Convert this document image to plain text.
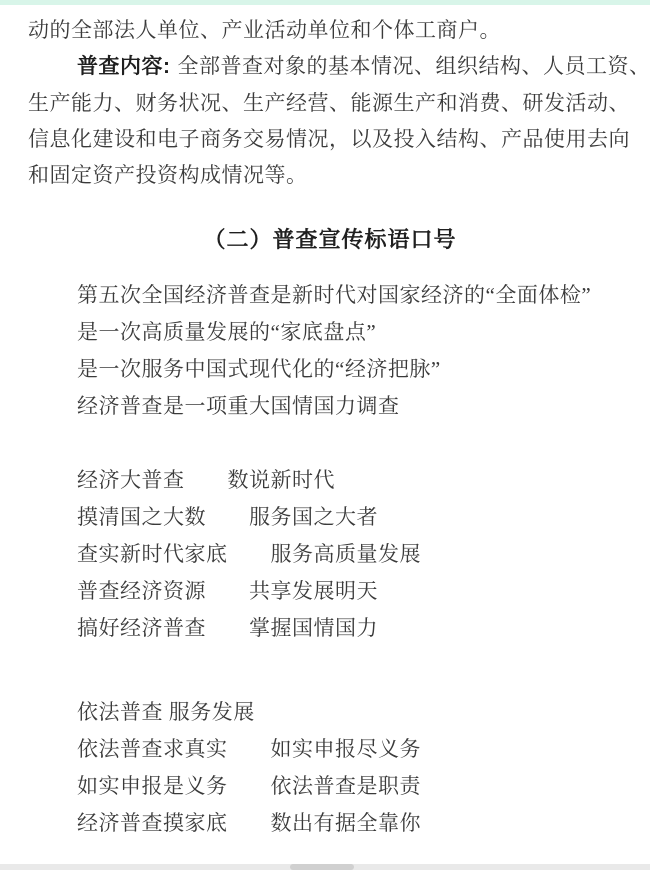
动的全部法人单位、产业活动单位和个体工商户。
普查内容: 全部普查对象的基本情况、组织结构、人员工资、
生产能力、财务状况、生产经营、能源生产和消费、研发活动、
信息化建设和电子商务交易情况，以及投入结构、产品使用去向
和固定资产投资构成情况等。
（二）普查宣传标语口号
第五次全国经济普查是新时代对国家经济的“全面体检”
是一次高质量发展的“家底盘点”
是一次服务中国式现代化的“经济把脉”
经济普查是一项重大国情国力调查
经济大普查　　数说新时代
摸清国之大数　　服务国之大者
查实新时代家底　　服务高质量发展
普查经济资源　　共享发展明天
搞好经济普查　　掌握国情国力
依法普查 服务发展
依法普查求真实　　如实申报尽义务
如实申报是义务　　依法普查是职责
经济普查摸家底　　数出有据全靠你
